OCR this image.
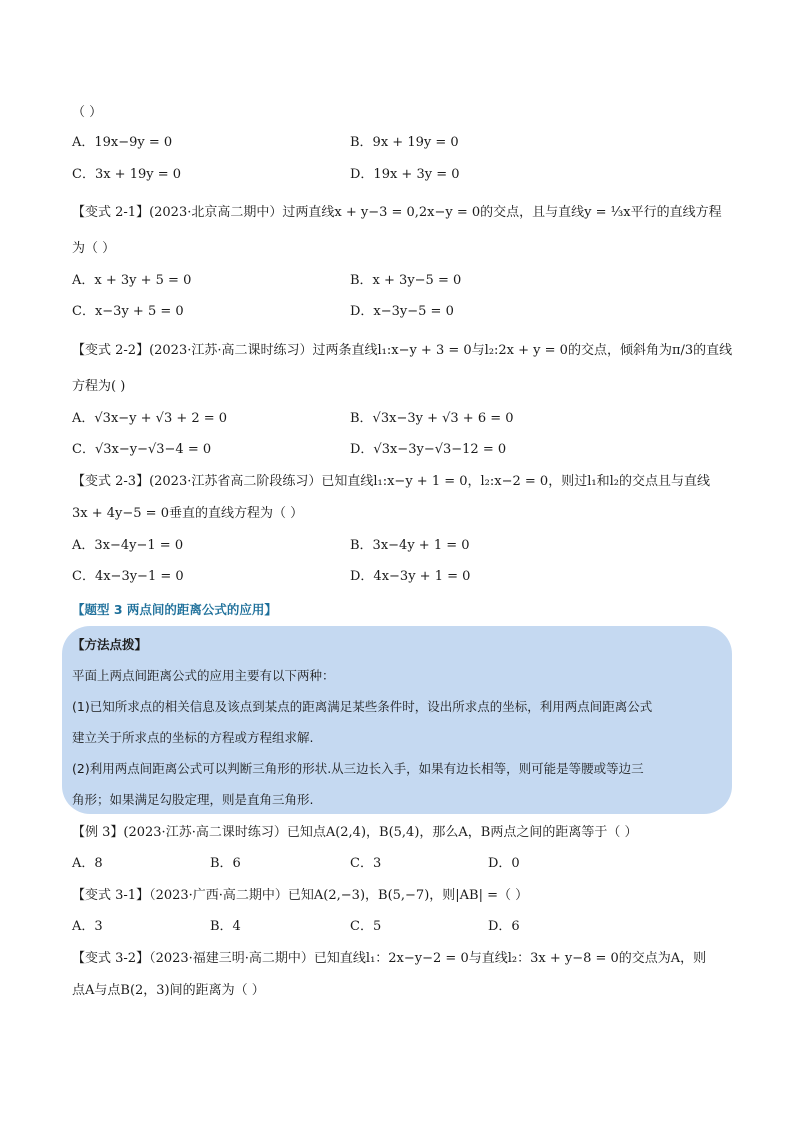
（ ）
A．19x−9y = 0	B．9x + 19y = 0
C．3x + 19y = 0	D．19x + 3y = 0
【变式 2-1】(2023·北京高二期中）过两直线x + y−3 = 0,2x−y = 0的交点，且与直线y = ⅓x平行的直线方程
为（ ）
A．x + 3y + 5 = 0	B．x + 3y−5 = 0
C．x−3y + 5 = 0	D．x−3y−5 = 0
【变式 2-2】(2023·江苏·高二课时练习）过两条直线l₁:x−y + 3 = 0与l₂:2x + y = 0的交点，倾斜角为π/3的直线
方程为( )
A．√3x−y + √3 + 2 = 0	B．√3x−3y + √3 + 6 = 0
C．√3x−y−√3−4 = 0	D．√3x−3y−√3−12 = 0
【变式 2-3】(2023·江苏省高二阶段练习）已知直线l₁:x−y + 1 = 0，l₂:x−2 = 0，则过l₁和l₂的交点且与直线
3x + 4y−5 = 0垂直的直线方程为（ ）
A．3x−4y−1 = 0	B．3x−4y + 1 = 0
C．4x−3y−1 = 0	D．4x−3y + 1 = 0
【题型 3 两点间的距离公式的应用】
【方法点拨】
平面上两点间距离公式的应用主要有以下两种：
(1)已知所求点的相关信息及该点到某点的距离满足某些条件时，设出所求点的坐标，利用两点间距离公式
建立关于所求点的坐标的方程或方程组求解.
(2)利用两点间距离公式可以判断三角形的形状.从三边长入手，如果有边长相等，则可能是等腰或等边三
角形；如果满足勾股定理，则是直角三角形.
【例 3】(2023·江苏·高二课时练习）已知点A(2,4)，B(5,4)，那么A，B两点之间的距离等于（ ）
A．8	B．6	C．3	D．0
【变式 3-1】（2023·广西·高二期中）已知A(2,−3)，B(5,−7)，则|AB| =（ ）
A．3	B．4	C．5	D．6
【变式 3-2】（2023·福建三明·高二期中）已知直线l₁：2x−y−2 = 0与直线l₂：3x + y−8 = 0的交点为A，则
点A与点B(2，3)间的距离为（ ）
